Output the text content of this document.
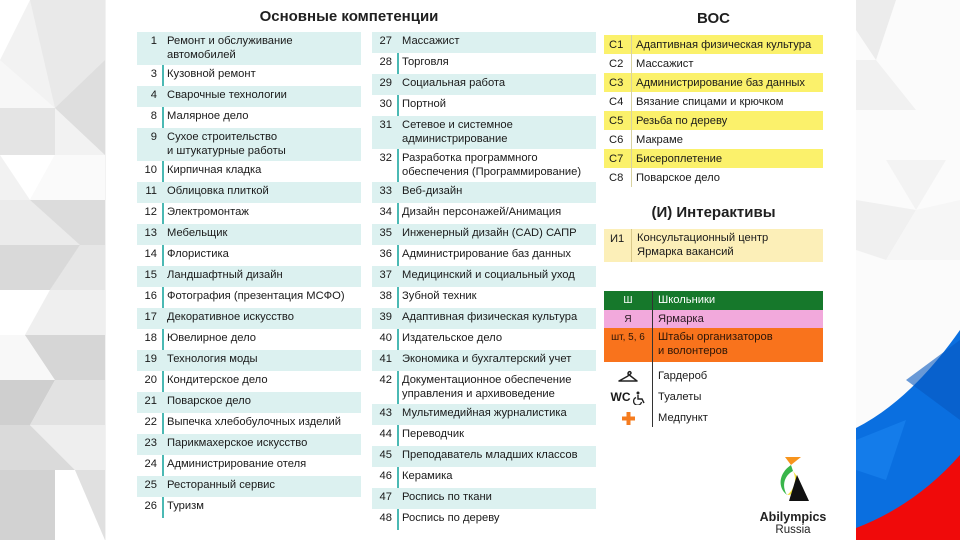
Основные компетенции
1 Ремонт и обслуживание
автомобилей
3 Кузовной ремонт
4 Сварочные технологии
8 Малярное дело
9 Сухое строительство
и штукатурные работы
10 Кирпичная кладка
11 Облицовка плиткой
12 Электромонтаж
13 Мебельщик
14 Флористика
15 Ландшафтный дизайн
16 Фотография (презентация МСФО)
17 Декоративное искусство
18 Ювелирное дело
19 Технология моды
20 Кондитерское дело
21 Поварское дело
22 Выпечка хлебобулочных изделий
23 Парикмахерское искусство
24 Администрирование отеля
25 Ресторанный сервис
26 Туризм
27 Массажист
28 Торговля
29 Социальная работа
30 Портной
31 Сетевое и системное
администрирование
32 Разработка программного
обеспечения (Программирование)
33 Веб-дизайн
34 Дизайн персонажей/Анимация
35 Инженерный дизайн (CAD) САПР
36 Администрирование баз данных
37 Медицинский и социальный уход
38 Зубной техник
39 Адаптивная физическая культура
40 Издательское дело
41 Экономика и бухгалтерский учет
42 Документационное обеспечение
управления и архивоведение
43 Мультимедийная журналистика
44 Переводчик
45 Преподаватель младших классов
46 Керамика
47 Роспись по ткани
48 Роспись по дереву
ВОС
С1	Адаптивная физическая культура
С2	Массажист
С3	Администрирование баз данных
С4	Вязание спицами и крючком
С5	Резьба по дереву
С6	Макраме
С7	Бисероплетение
С8	Поварское дело
(И) Интерактивы
И1	Консультационный центр
Ярмарка вакансий
Ш	Школьники
Я	Ярмарка
шт, 5, 6	Штабы организаторов
и волонтеров
Гардероб
WC	Туалеты
Медпункт
Abilympics
Russia
